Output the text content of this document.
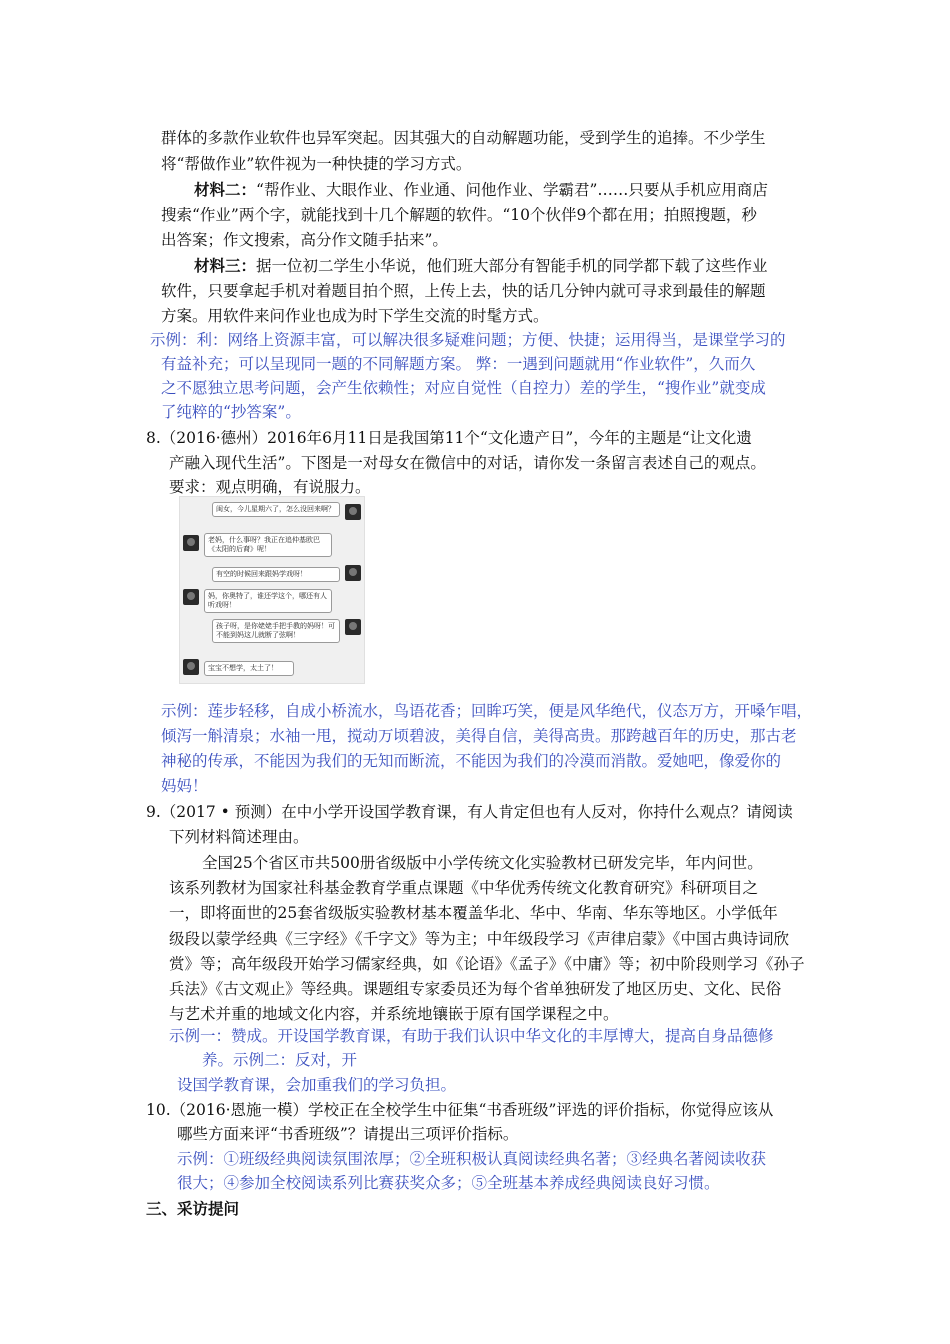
群体的多款作业软件也异军突起。因其强大的自动解题功能，受到学生的追捧。不少学生
将“帮做作业”软件视为一种快捷的学习方式。
材料二：“帮作业、大眼作业、作业通、问他作业、学霸君”……只要从手机应用商店
搜索“作业”两个字，就能找到十几个解题的软件。“10个伙伴9个都在用；拍照搜题，秒
出答案；作文搜索，高分作文随手拈来”。
材料三：据一位初二学生小华说，他们班大部分有智能手机的同学都下载了这些作业
软件，只要拿起手机对着题目拍个照，上传上去，快的话几分钟内就可寻求到最佳的解题
方案。用软件来问作业也成为时下学生交流的时髦方式。
示例：利：网络上资源丰富，可以解决很多疑难问题；方便、快捷；运用得当，是课堂学习的
有益补充；可以呈现同一题的不同解题方案。 弊：一遇到问题就用“作业软件”，久而久
之不愿独立思考问题，会产生依赖性；对应自觉性（自控力）差的学生，“搜作业”就变成
了纯粹的“抄答案”。
8.（2016·德州）2016年6月11日是我国第11个“文化遗产日”，今年的主题是“让文化遗
产融入现代生活”。下图是一对母女在微信中的对话，请你发一条留言表述自己的观点。
要求：观点明确，有说服力。
闺女，今儿星期六了，怎么没回来啊？
老妈，什么事呀？我正在追仲基欧巴《太阳的后裔》呢！
有空的时候回来跟妈学戏呀！
妈，你奥特了，谁还学这个，哪还有人听戏呀！
孩子呀，是你姥姥手把手教的妈呀！可不能到妈这儿就断了弦啊！
宝宝不想学，太土了！
示例：莲步轻移，自成小桥流水，鸟语花香；回眸巧笑，便是风华绝代，仪态万方，开嗓乍唱，
倾泻一斛清泉；水袖一甩，搅动万顷碧波，美得自信，美得高贵。那跨越百年的历史，那古老
神秘的传承，不能因为我们的无知而断流，不能因为我们的冷漠而消散。爱她吧，像爱你的
妈妈！
9.（2017 • 预测）在中小学开设国学教育课，有人肯定但也有人反对，你持什么观点？请阅读
下列材料简述理由。
全国25个省区市共500册省级版中小学传统文化实验教材已研发完毕，年内问世。
该系列教材为国家社科基金教育学重点课题《中华优秀传统文化教育研究》科研项目之
一，即将面世的25套省级版实验教材基本覆盖华北、华中、华南、华东等地区。小学低年
级段以蒙学经典《三字经》《千字文》等为主；中年级段学习《声律启蒙》《中国古典诗词欣
赏》等；高年级段开始学习儒家经典，如《论语》《孟子》《中庸》等；初中阶段则学习《孙子
兵法》《古文观止》等经典。课题组专家委员还为每个省单独研发了地区历史、文化、民俗
与艺术并重的地域文化内容，并系统地镶嵌于原有国学课程之中。
示例一：赞成。开设国学教育课，有助于我们认识中华文化的丰厚博大，提高自身品德修
养。示例二：反对，开
设国学教育课，会加重我们的学习负担。
10.（2016·恩施一模）学校正在全校学生中征集“书香班级”评选的评价指标，你觉得应该从
哪些方面来评“书香班级”？请提出三项评价指标。
示例：①班级经典阅读氛围浓厚；②全班积极认真阅读经典名著；③经典名著阅读收获
很大；④参加全校阅读系列比赛获奖众多；⑤全班基本养成经典阅读良好习惯。
三、采访提问
